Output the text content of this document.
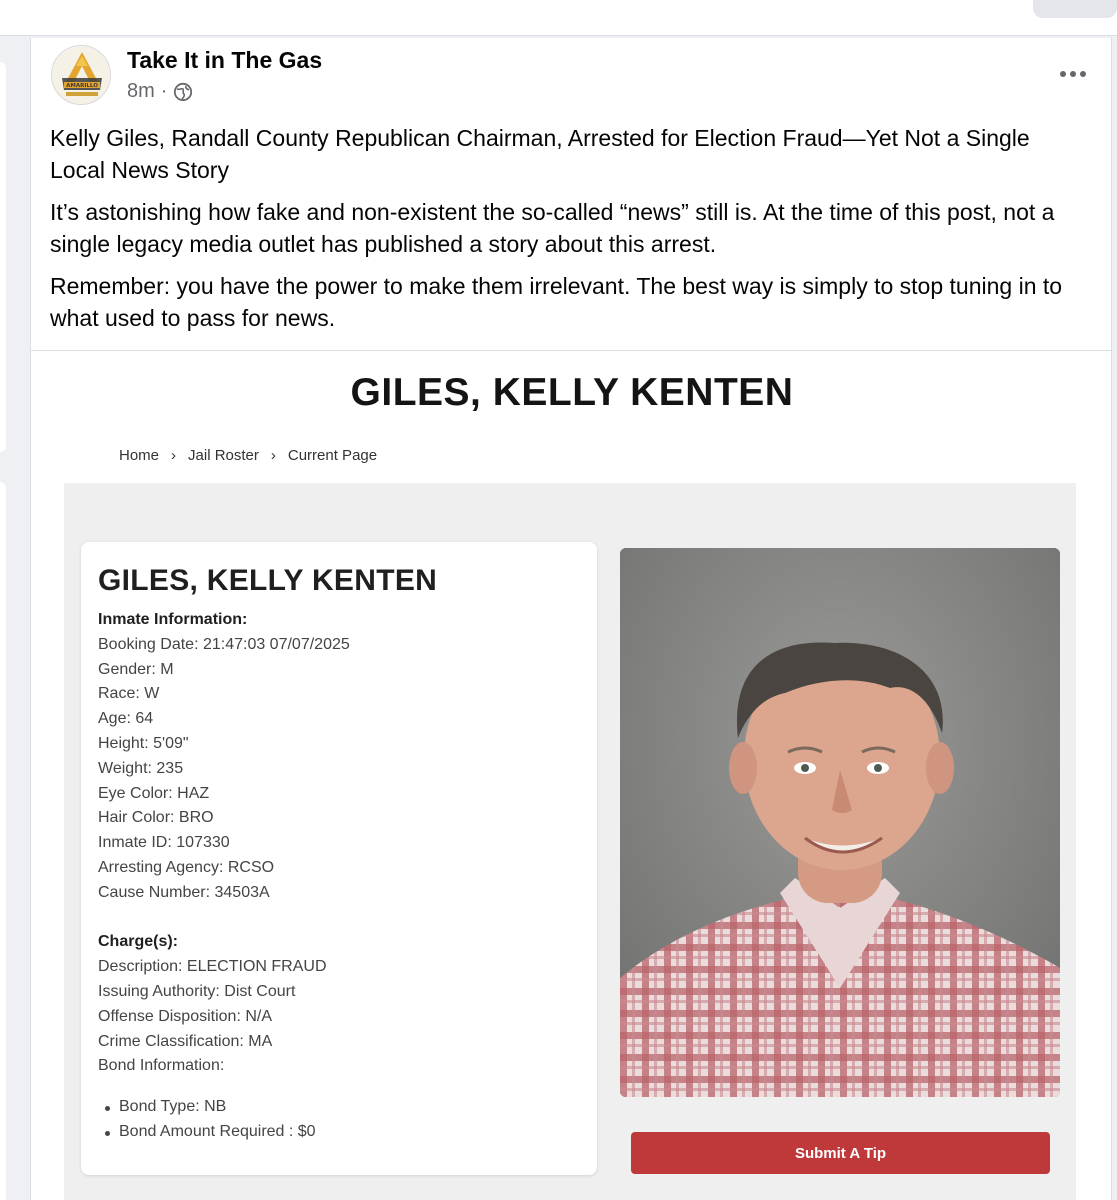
AMARILLO
Take It in The Gas
8m ·

Kelly Giles, Randall County Republican Chairman, Arrested for Election Fraud—Yet Not a Single Local News Story

It’s astonishing how fake and non-existent the so-called “news” still is. At the time of this post, not a single legacy media outlet has published a story about this arrest.

Remember: you have the power to make them irrelevant. The best way is simply to stop tuning in to what used to pass for news.

GILES, KELLY KENTEN
Home › Jail Roster › Current Page
GILES, KELLY KENTEN
Inmate Information:
Booking Date: 21:47:03 07/07/2025
Gender: M
Race: W
Age: 64
Height: 5'09"
Weight: 235
Eye Color: HAZ
Hair Color: BRO
Inmate ID: 107330
Arresting Agency: RCSO
Cause Number: 34503A
Charge(s):
Description: ELECTION FRAUD
Issuing Authority: Dist Court
Offense Disposition: N/A
Crime Classification: MA
Bond Information:
Bond Type: NB
Bond Amount Required : $0
Submit A Tip
